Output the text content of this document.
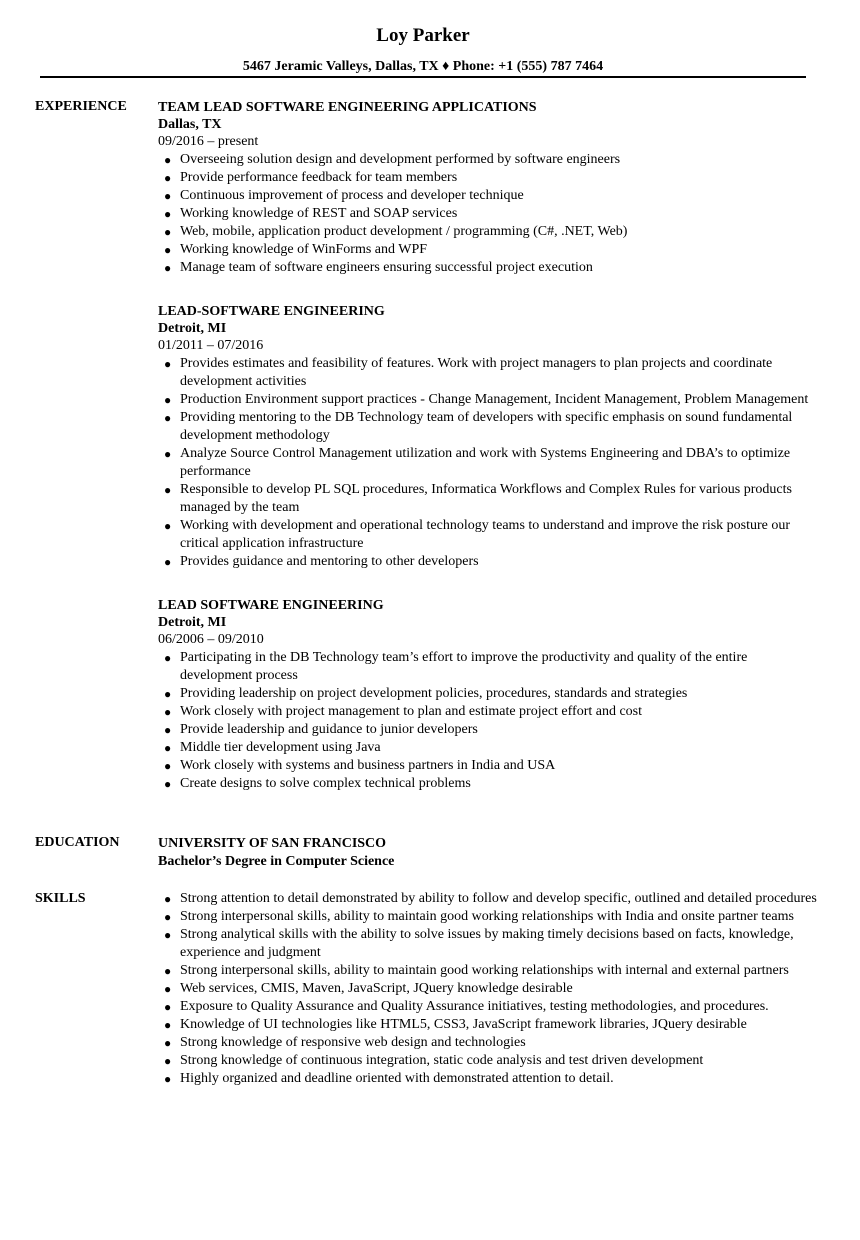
Loy Parker
5467 Jeramic Valleys, Dallas, TX ♦ Phone: +1 (555) 787 7464
EXPERIENCE TEAM LEAD SOFTWARE ENGINEERING APPLICATIONS
Dallas, TX
09/2016 – present
● Overseeing solution design and development performed by software engineers
● Provide performance feedback for team members
● Continuous improvement of process and developer technique
● Working knowledge of REST and SOAP services
● Web, mobile, application product development / programming (C#, .NET, Web)
● Working knowledge of WinForms and WPF
● Manage team of software engineers ensuring successful project execution
LEAD-SOFTWARE ENGINEERING
Detroit, MI
01/2011 – 07/2016
● Provides estimates and feasibility of features. Work with project managers to plan projects and coordinate development activities
● Production Environment support practices - Change Management, Incident Management, Problem Management
● Providing mentoring to the DB Technology team of developers with specific emphasis on sound fundamental development methodology
● Analyze Source Control Management utilization and work with Systems Engineering and DBA’s to optimize performance
● Responsible to develop PL SQL procedures, Informatica Workflows and Complex Rules for various products managed by the team
● Working with development and operational technology teams to understand and improve the risk posture our critical application infrastructure
● Provides guidance and mentoring to other developers
LEAD SOFTWARE ENGINEERING
Detroit, MI
06/2006 – 09/2010
● Participating in the DB Technology team’s effort to improve the productivity and quality of the entire development process
● Providing leadership on project development policies, procedures, standards and strategies
● Work closely with project management to plan and estimate project effort and cost
● Provide leadership and guidance to junior developers
● Middle tier development using Java
● Work closely with systems and business partners in India and USA
● Create designs to solve complex technical problems
EDUCATION	UNIVERSITY OF SAN FRANCISCO
Bachelor’s Degree in Computer Science
SKILLS	● Strong attention to detail demonstrated by ability to follow and develop specific, outlined and detailed procedures
● Strong interpersonal skills, ability to maintain good working relationships with India and onsite partner teams
● Strong analytical skills with the ability to solve issues by making timely decisions based on facts, knowledge, experience and judgment
● Strong interpersonal skills, ability to maintain good working relationships with internal and external partners
● Web services, CMIS, Maven, JavaScript, JQuery knowledge desirable
● Exposure to Quality Assurance and Quality Assurance initiatives, testing methodologies, and procedures.
● Knowledge of UI technologies like HTML5, CSS3, JavaScript framework libraries, JQuery desirable
● Strong knowledge of responsive web design and technologies
● Strong knowledge of continuous integration, static code analysis and test driven development
● Highly organized and deadline oriented with demonstrated attention to detail.
